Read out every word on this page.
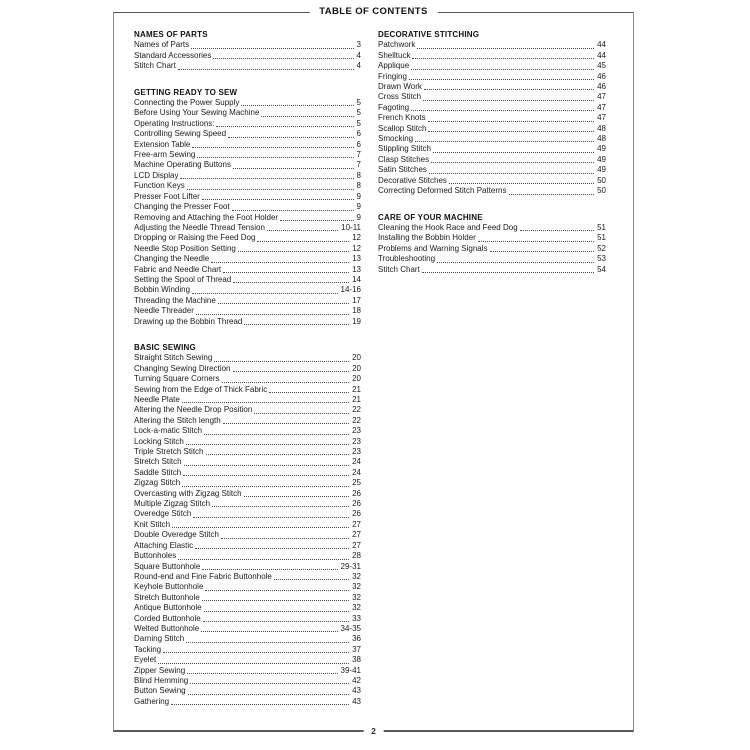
TABLE OF CONTENTS
NAMES OF PARTS
Names of Parts	3
Standard Accessories	4
Stitch Chart	4
GETTING READY TO SEW
Connecting the Power Supply	5
Before Using Your Sewing Machine	5
Operating Instructions:	5
Controlling Sewing Speed	6
Extension Table	6
Free-arm Sewing	7
Machine Operating Buttons	7
LCD Display	8
Function Keys	8
Presser Foot Lifter	9
Changing the Presser Foot	9
Removing and Attaching the Foot Holder	9
Adjusting the Needle Thread Tension	10-11
Dropping or Raising the Feed Dog	12
Needle Stop Position Setting	12
Changing the Needle	13
Fabric and Needle Chart	13
Setting the Spool of Thread	14
Bobbin Winding	14-16
Threading the Machine	17
Needle Threader	18
Drawing up the Bobbin Thread	19
BASIC SEWING
Straight Stitch Sewing	20
Changing Sewing Direction	20
Turning Square Corners	20
Sewing from the Edge of Thick Fabric	21
Needle Plate	21
Altering the Needle Drop Position	22
Altering the Stitch length	22
Lock-a-matic Stitch	23
Locking Stitch	23
Triple Stretch Stitch	23
Stretch Stitch	24
Saddle Stitch	24
Zigzag Stitch	25
Overcasting with Zigzag Stitch	26
Multiple Zigzag Stitch	26
Overedge Stitch	26
Knit Stitch	27
Double Overedge Stitch	27
Attaching Elastic	27
Buttonholes	28
Square Buttonhole	29-31
Round-end and Fine Fabric Buttonhole	32
Keyhole Buttonhole	32
Stretch Buttonhole	32
Antique Buttonhole	32
Corded Buttonhole	33
Welted Buttonhole	34-35
Darning Stitch	36
Tacking	37
Eyelet	38
Zipper Sewing	39-41
Blind Hemming	42
Button Sewing	43
Gathering	43
DECORATIVE STITCHING
Patchwork	44
Shelltuck	44
Applique	45
Fringing	46
Drawn Work	46
Cross Stitch	47
Fagoting	47
French Knots	47
Scallop Stitch	48
Smocking	48
Stippling Stitch	49
Clasp Stitches	49
Satin Stitches	49
Decorative Stitches	50
Correcting Deformed Stitch Patterns	50
CARE OF YOUR MACHINE
Cleaning the Hook Race and Feed Dog	51
Installing the Bobbin Holder	51
Problems and Warning Signals	52
Troubleshooting	53
Stitch Chart	54
2
